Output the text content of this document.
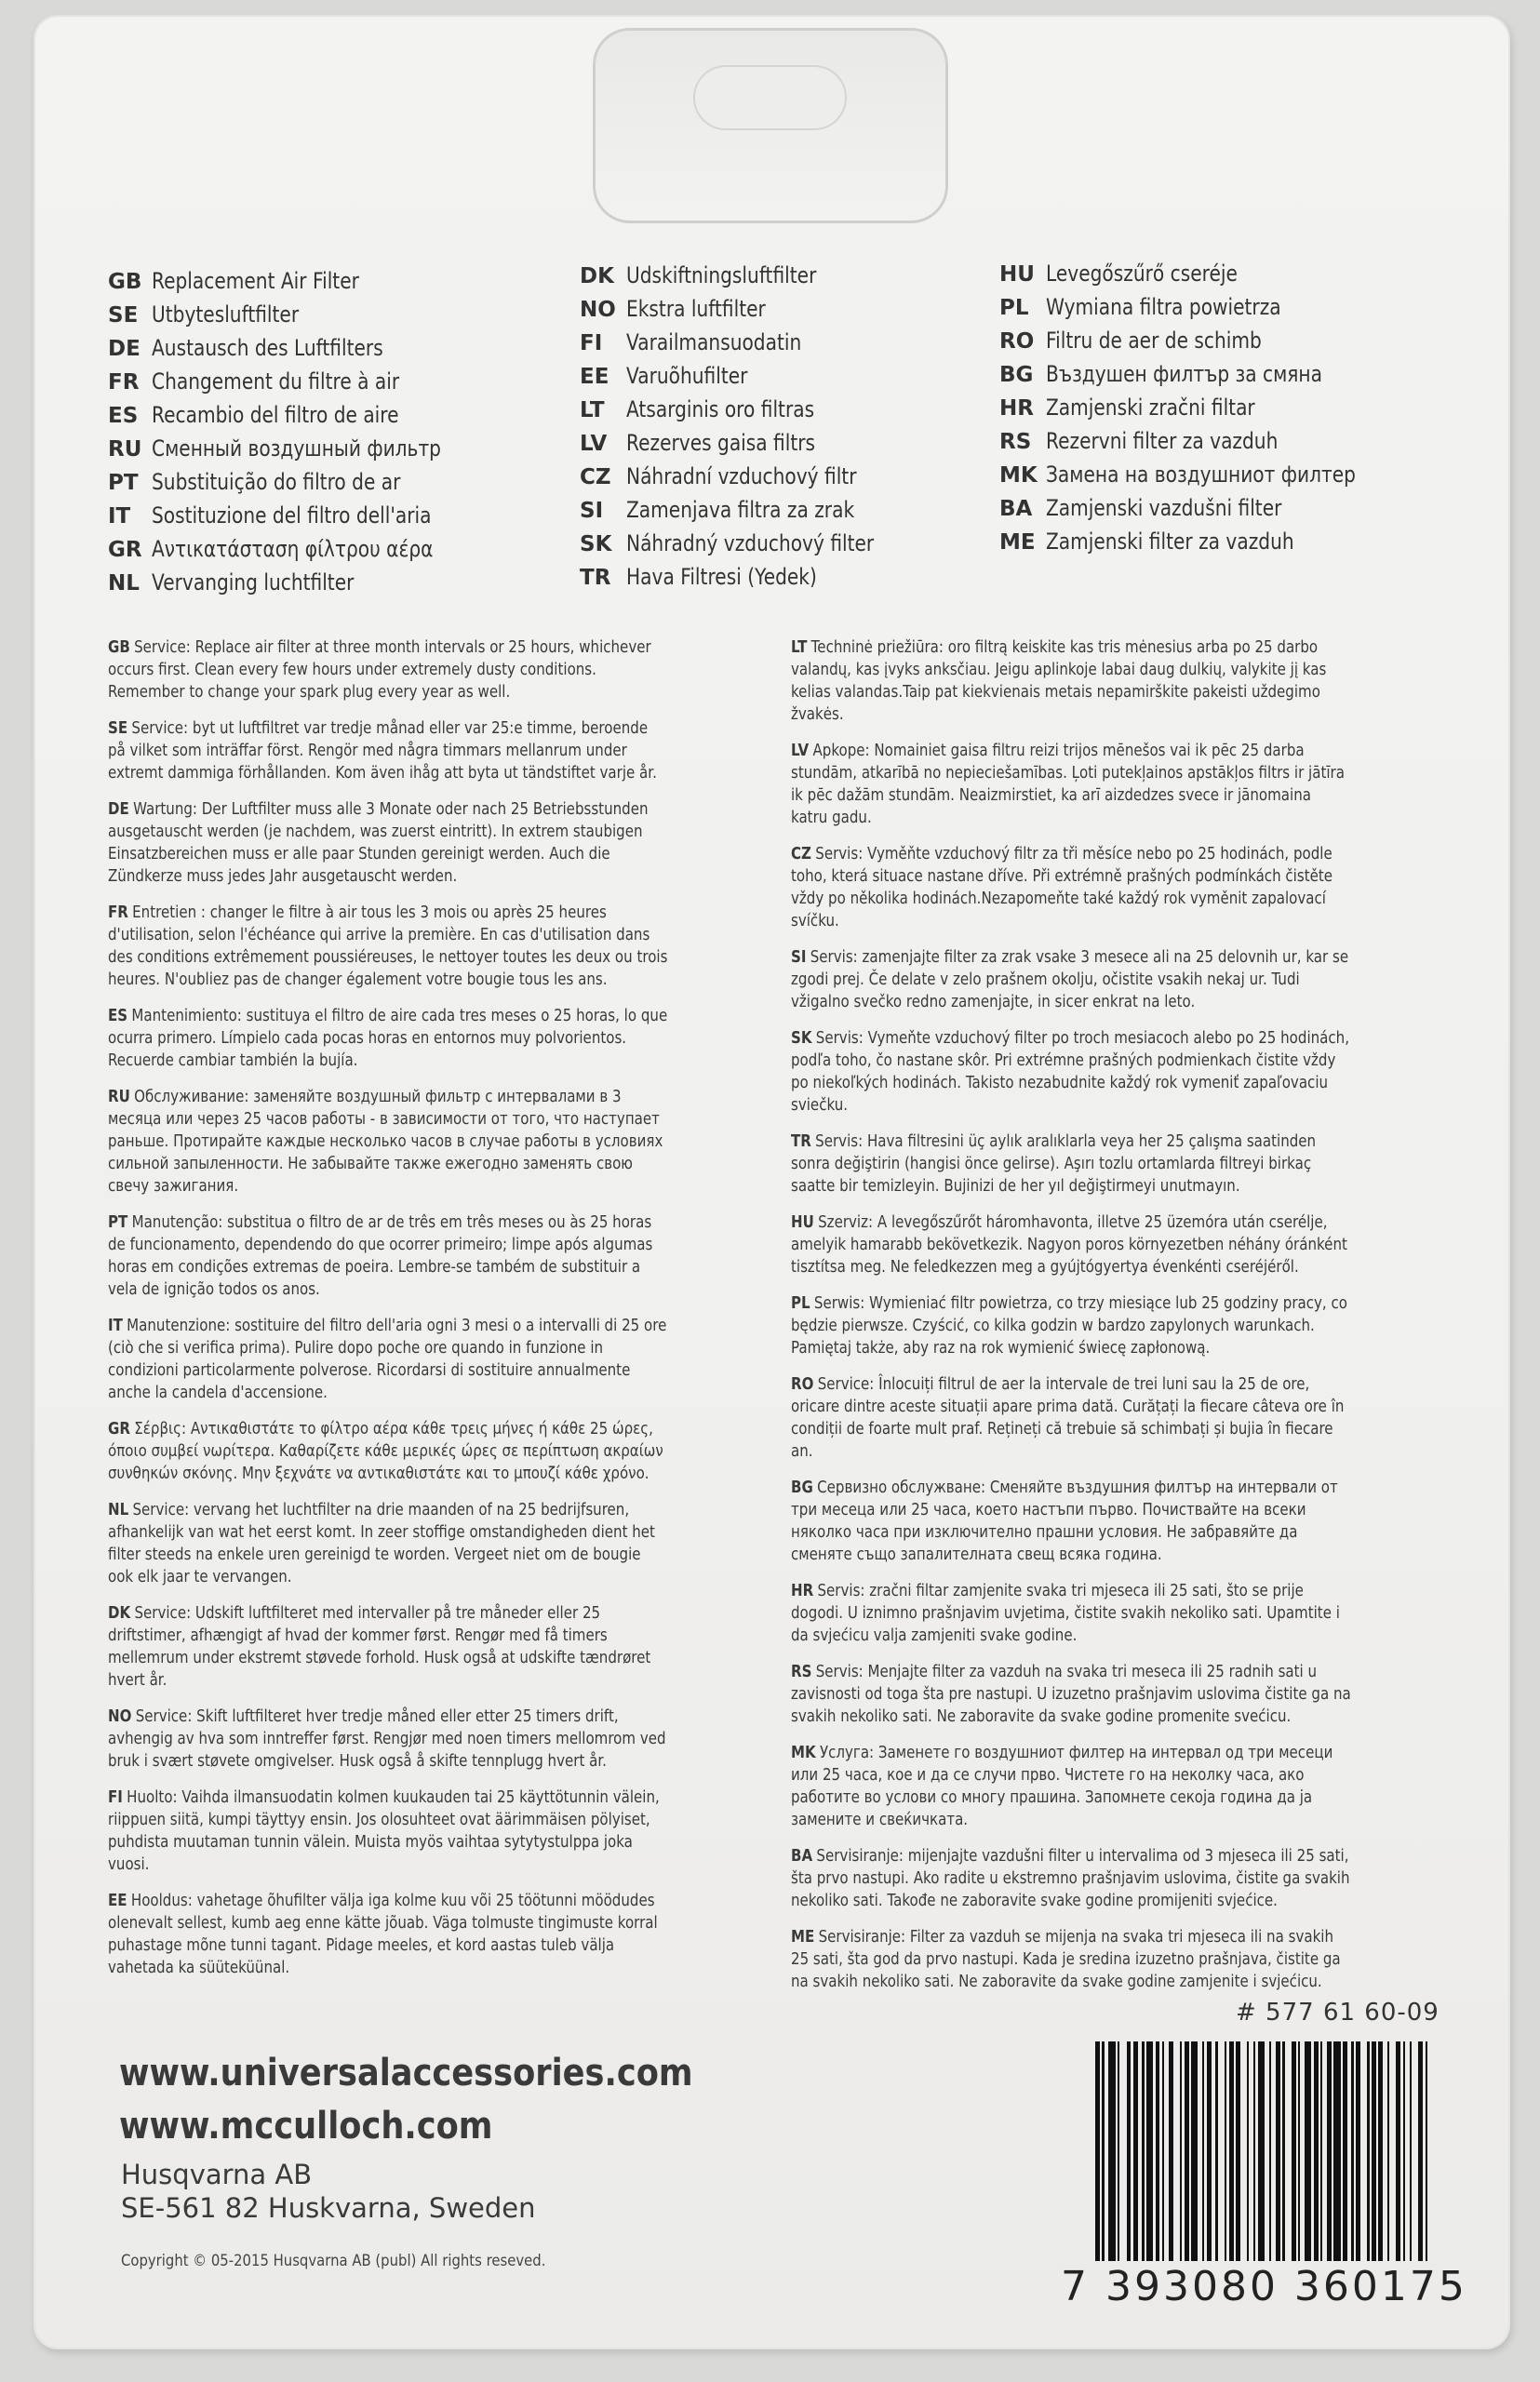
GB Replacement Air Filter
SE Utbytesluftfilter
DE Austausch des Luftfilters
FR Changement du filtre à air
ES Recambio del filtro de aire
RU Сменный воздушный фильтр
PT Substituição do filtro de ar
IT Sostituzione del filtro dell'aria
GR Αντικατάσταση φίλτρου αέρα
NL Vervanging luchtfilter
DK Udskiftningsluftfilter
NO Ekstra luftfilter
FI	Varailmansuodatin
EE Varuõhufilter
LT Atsarginis oro filtras
LV Rezerves gaisa filtrs
CZ Náhradní vzduchový filtr
SI	Zamenjava filtra za zrak
SK Náhradný vzduchový filter
TR Hava Filtresi (Yedek)
HU Levegőszűrő cseréje
PL Wymiana filtra powietrza
RO Filtru de aer de schimb
BG Въздушен филтър за смяна
HR Zamjenski zračni filtar
RS Rezervni filter za vazduh
MK Замена на воздушниот филтер
BA Zamjenski vazdušni filter
ME Zamjenski filter za vazduh
GB Service: Replace air filter at three month intervals or 25 hours, whichever occurs first. Clean every few hours under extremely dusty conditions. Remember to change your spark plug every year as well.
SE Service: byt ut luftfiltret var tredje månad eller var 25:e timme, beroende på vilket som inträffar först. Rengör med några timmars mellanrum under extremt dammiga förhållanden. Kom även ihåg att byta ut tändstiftet varje år.
DE Wartung: Der Luftfilter muss alle 3 Monate oder nach 25 Betriebsstunden ausgetauscht werden (je nachdem, was zuerst eintritt). In extrem staubigen Einsatzbereichen muss er alle paar Stunden gereinigt werden. Auch die Zündkerze muss jedes Jahr ausgetauscht werden.
FR Entretien : changer le filtre à air tous les 3 mois ou après 25 heures d'utilisation, selon l'échéance qui arrive la première. En cas d'utilisation dans des conditions extrêmement poussiéreuses, le nettoyer toutes les deux ou trois heures. N'oubliez pas de changer également votre bougie tous les ans.
ES Mantenimiento: sustituya el filtro de aire cada tres meses o 25 horas, lo que ocurra primero. Límpielo cada pocas horas en entornos muy polvorientos. Recuerde cambiar también la bujía.
RU Обслуживание: заменяйте воздушный фильтр с интервалами в 3 месяца или через 25 часов работы - в зависимости от того, что наступает раньше. Протирайте каждые несколько часов в случае работы в условиях сильной запыленности. Не забывайте также ежегодно заменять свою свечу зажигания.
PT Manutenção: substitua o filtro de ar de três em três meses ou às 25 horas de funcionamento, dependendo do que ocorrer primeiro; limpe após algumas horas em condições extremas de poeira. Lembre-se também de substituir a vela de ignição todos os anos.
IT Manutenzione: sostituire del filtro dell'aria ogni 3 mesi o a intervalli di 25 ore (ciò che si verifica prima). Pulire dopo poche ore quando in funzione in condizioni particolarmente polverose. Ricordarsi di sostituire annualmente anche la candela d'accensione.
GR Σέρβις: Αντικαθιστάτε το φίλτρο αέρα κάθε τρεις μήνες ή κάθε 25 ώρες, όποιο συμβεί νωρίτερα. Καθαρίζετε κάθε μερικές ώρες σε περίπτωση ακραίων συνθηκών σκόνης. Μην ξεχνάτε να αντικαθιστάτε και το μπουζί κάθε χρόνο.
NL Service: vervang het luchtfilter na drie maanden of na 25 bedrijfsuren, afhankelijk van wat het eerst komt. In zeer stoffige omstandigheden dient het filter steeds na enkele uren gereinigd te worden. Vergeet niet om de bougie ook elk jaar te vervangen.
DK Service: Udskift luftfilteret med intervaller på tre måneder eller 25 driftstimer, afhængigt af hvad der kommer først. Rengør med få timers mellemrum under ekstremt støvede forhold. Husk også at udskifte tændrøret hvert år.
NO Service: Skift luftfilteret hver tredje måned eller etter 25 timers drift, avhengig av hva som inntreffer først. Rengjør med noen timers mellomrom ved bruk i svært støvete omgivelser. Husk også å skifte tennplugg hvert år.
FI Huolto: Vaihda ilmansuodatin kolmen kuukauden tai 25 käyttötunnin välein, riippuen siitä, kumpi täyttyy ensin. Jos olosuhteet ovat äärimmäisen pölyiset, puhdista muutaman tunnin välein. Muista myös vaihtaa sytytystulppa joka vuosi.
EE Hooldus: vahetage õhufilter välja iga kolme kuu või 25 töötunni möödudes olenevalt sellest, kumb aeg enne kätte jõuab. Väga tolmuste tingimuste korral puhastage mõne tunni tagant. Pidage meeles, et kord aastas tuleb välja vahetada ka süüteküünal.
LT Techninė priežiūra: oro filtrą keiskite kas tris mėnesius arba po 25 darbo valandų, kas įvyks anksčiau. Jeigu aplinkoje labai daug dulkių, valykite jį kas kelias valandas.Taip pat kiekvienais metais nepamirškite pakeisti uždegimo žvakės.
LV Apkope: Nomainiet gaisa filtru reizi trijos mēnešos vai ik pēc 25 darba stundām, atkarībā no nepieciešamības. Ļoti putekļainos apstākļos filtrs ir jātīra ik pēc dažām stundām. Neaizmirstiet, ka arī aizdedzes svece ir jānomaina katru gadu.
CZ Servis: Vyměňte vzduchový filtr za tři měsíce nebo po 25 hodinách, podle toho, která situace nastane dříve. Při extrémně prašných podmínkách čistěte vždy po několika hodinách.Nezapomeňte také každý rok vyměnit zapalovací svíčku.
SI Servis: zamenjajte filter za zrak vsake 3 mesece ali na 25 delovnih ur, kar se zgodi prej. Če delate v zelo prašnem okolju, očistite vsakih nekaj ur. Tudi vžigalno svečko redno zamenjajte, in sicer enkrat na leto.
SK Servis: Vymeňte vzduchový filter po troch mesiacoch alebo po 25 hodinách, podľa toho, čo nastane skôr. Pri extrémne prašných podmienkach čistite vždy po niekoľkých hodinách. Takisto nezabudnite každý rok vymeniť zapaľovaciu sviečku.
TR Servis: Hava filtresini üç aylık aralıklarla veya her 25 çalışma saatinden sonra değiştirin (hangisi önce gelirse). Aşırı tozlu ortamlarda filtreyi birkaç saatte bir temizleyin. Bujinizi de her yıl değiştirmeyi unutmayın.
HU Szerviz: A levegőszűrőt háromhavonta, illetve 25 üzemóra után cserélje, amelyik hamarabb bekövetkezik. Nagyon poros környezetben néhány óránként tisztítsa meg. Ne feledkezzen meg a gyújtógyertya évenkénti cseréjéről.
PL Serwis: Wymieniać filtr powietrza, co trzy miesiące lub 25 godziny pracy, co będzie pierwsze. Czyścić, co kilka godzin w bardzo zapylonych warunkach. Pamiętaj także, aby raz na rok wymienić świecę zapłonową.
RO Service: Înlocuiți filtrul de aer la intervale de trei luni sau la 25 de ore, oricare dintre aceste situații apare prima dată. Curățați la fiecare câteva ore în condiții de foarte mult praf. Rețineți că trebuie să schimbați și bujia în fiecare an.
BG Сервизно обслужване: Сменяйте въздушния филтър на интервали от три месеца или 25 часа, което настъпи първо. Почиствайте на всеки няколко часа при изключително прашни условия. Не забравяйте да сменяте също запалителната свещ всяка година.
HR Servis: zračni filtar zamjenite svaka tri mjeseca ili 25 sati, što se prije dogodi. U iznimno prašnjavim uvjetima, čistite svakih nekoliko sati. Upamtite i da svjećicu valja zamjeniti svake godine.
RS Servis: Menjajte filter za vazduh na svaka tri meseca ili 25 radnih sati u zavisnosti od toga šta pre nastupi. U izuzetno prašnjavim uslovima čistite ga na svakih nekoliko sati. Ne zaboravite da svake godine promenite svećicu.
MK Услуга: Заменете го воздушниот филтер на интервал од три месеци или 25 часа, кое и да се случи прво. Чистете го на неколку часа, ако работите во услови со многу прашина. Запомнете секоја година да ја замените и свеќичката.
BA Servisiranje: mijenjajte vazdušni filter u intervalima od 3 mjeseca ili 25 sati, šta prvo nastupi. Ako radite u ekstremno prašnjavim uslovima, čistite ga svakih nekoliko sati. Takođe ne zaboravite svake godine promijeniti svjećice.
ME Servisiranje: Filter za vazduh se mijenja na svaka tri mjeseca ili na svakih 25 sati, šta god da prvo nastupi. Kada je sredina izuzetno prašnjava, čistite ga na svakih nekoliko sati. Ne zaboravite da svake godine zamjenite i svjećicu.
www.universalaccessories.com
www.mcculloch.com
Husqvarna AB
SE-561 82 Huskvarna, Sweden
Copyright © 05-2015 Husqvarna AB (publ) All rights reseved.
# 577 61 60-09
7 393080 360175
